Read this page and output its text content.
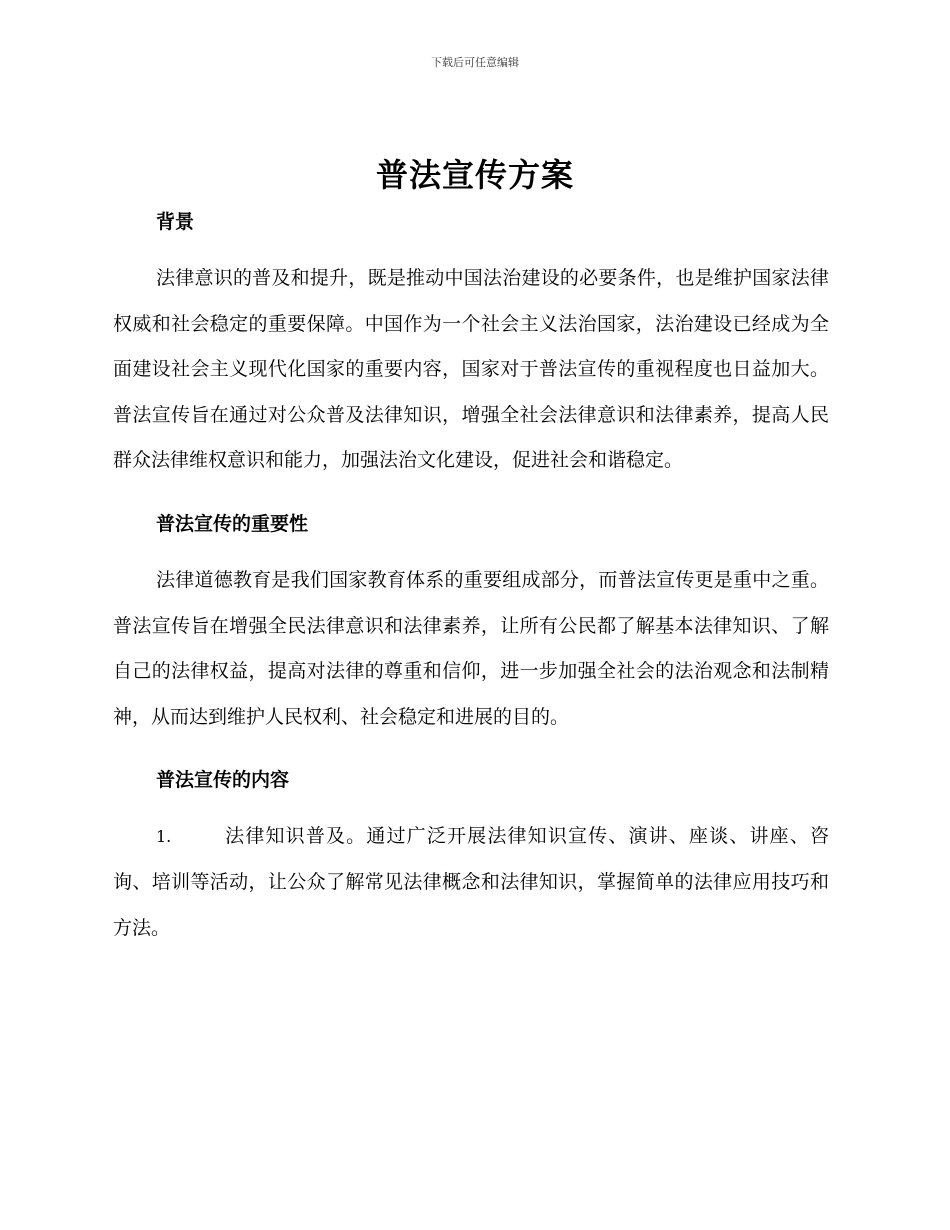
下载后可任意编辑
普法宣传方案
背景

法律意识的普及和提升，既是推动中国法治建设的必要条件，也是维护国家法律权威和社会稳定的重要保障。中国作为一个社会主义法治国家，法治建设已经成为全面建设社会主义现代化国家的重要内容，国家对于普法宣传的重视程度也日益加大。普法宣传旨在通过对公众普及法律知识，增强全社会法律意识和法律素养，提高人民群众法律维权意识和能力，加强法治文化建设，促进社会和谐稳定。

普法宣传的重要性

法律道德教育是我们国家教育体系的重要组成部分，而普法宣传更是重中之重。普法宣传旨在增强全民法律意识和法律素养，让所有公民都了解基本法律知识、了解自己的法律权益，提高对法律的尊重和信仰，进一步加强全社会的法治观念和法制精神，从而达到维护人民权利、社会稳定和进展的目的。

普法宣传的内容

1.	法律知识普及。通过广泛开展法律知识宣传、演讲、座谈、讲座、咨询、培训等活动，让公众了解常见法律概念和法律知识，掌握简单的法律应用技巧和方法。
